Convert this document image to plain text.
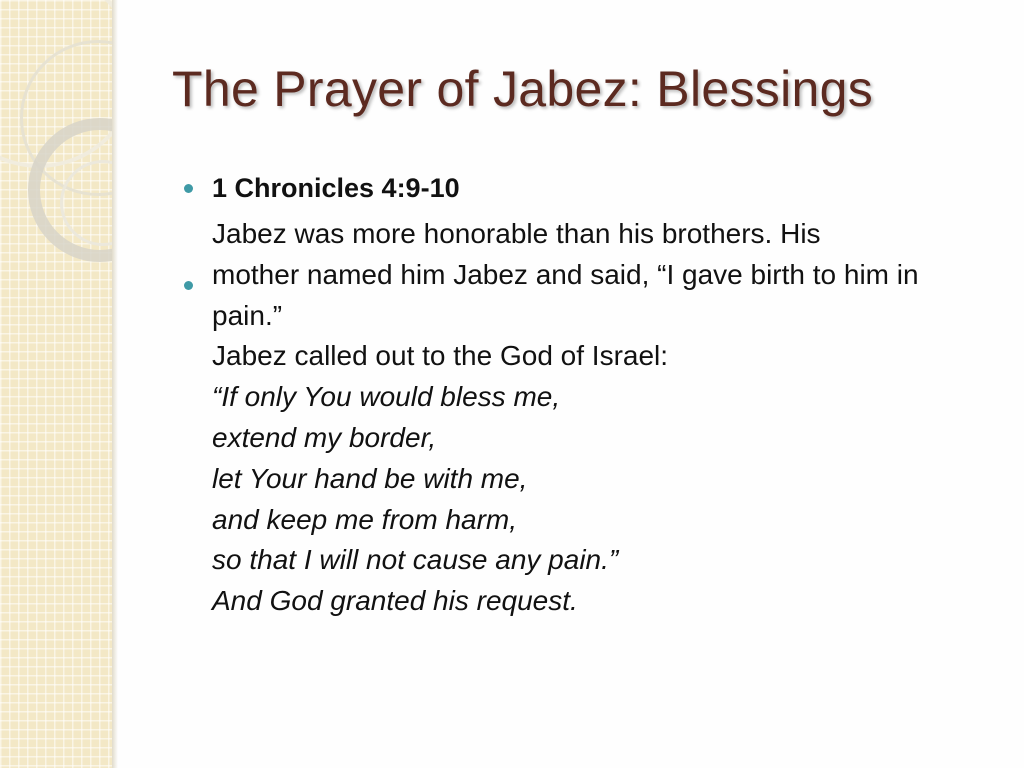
The Prayer of Jabez: Blessings
1 Chronicles 4:9-10
Jabez was more honorable than his brothers. His
mother named him Jabez and said, “I gave birth to him in
pain.”
Jabez called out to the God of Israel:
“If only You would bless me,
extend my border,
let Your hand be with me,
and keep me from harm,
so that I will not cause any pain.”
And God granted his request.
